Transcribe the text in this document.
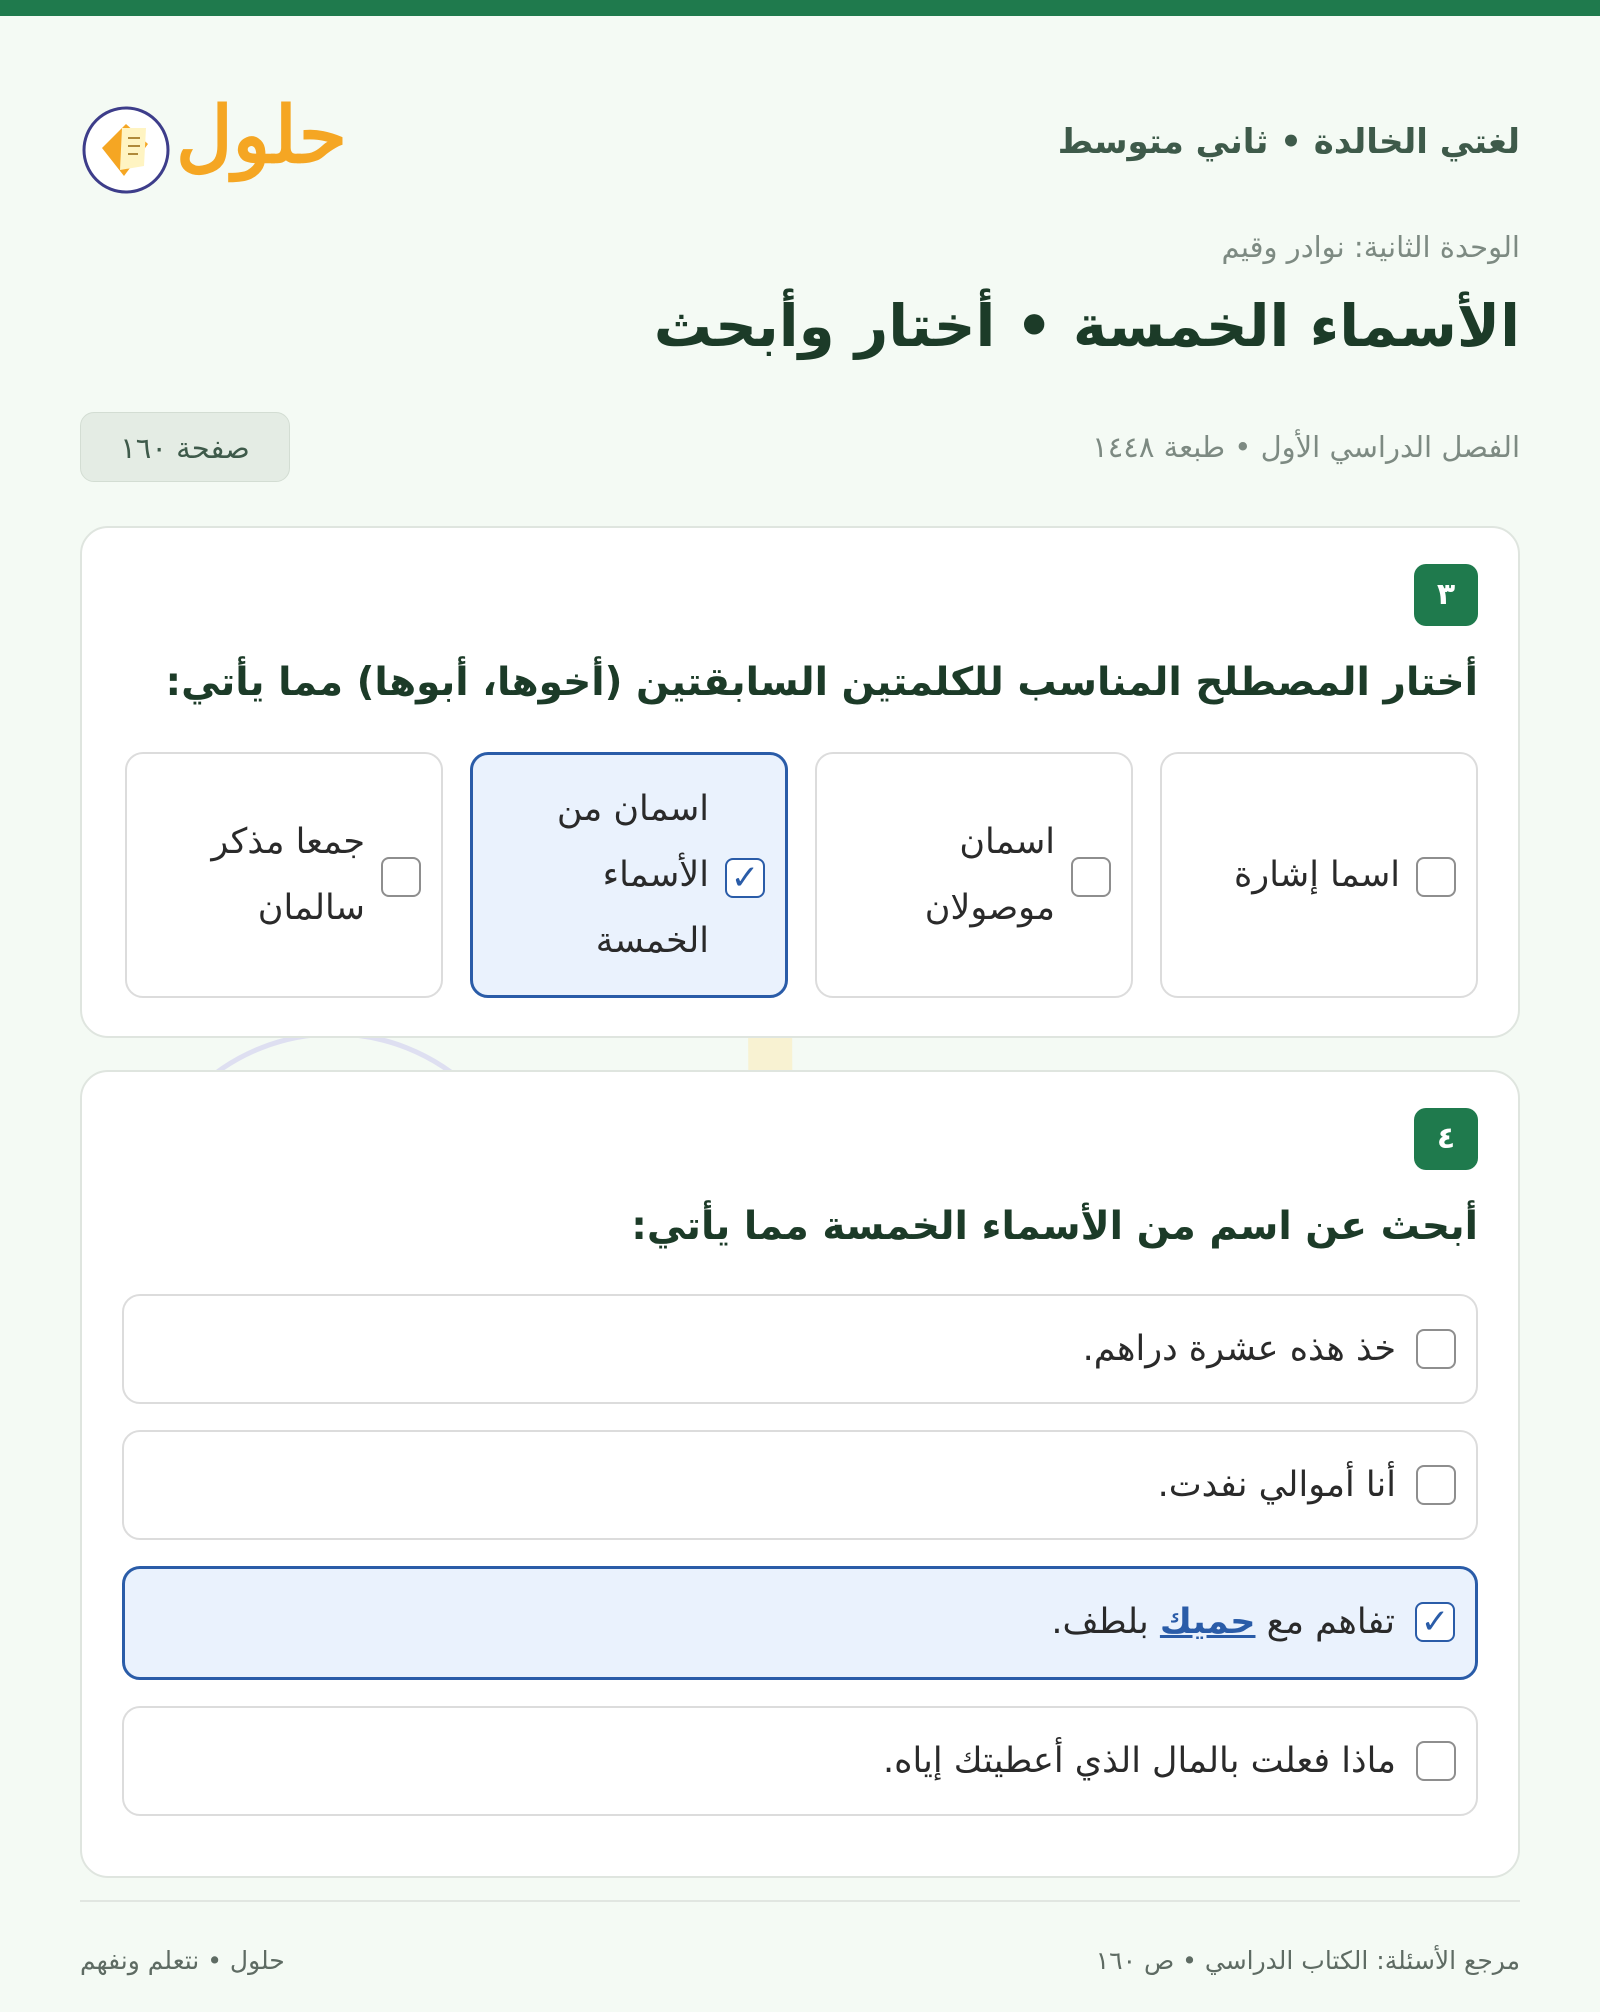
لغتي الخالدة • ثاني متوسط
حلول
الوحدة الثانية: نوادر وقيم
الأسماء الخمسة • أختار وأبحث
الفصل الدراسي الأول • طبعة ١٤٤٨
صفحة ١٦٠
٣
أختار المصطلح المناسب للكلمتين السابقتين (أخوها، أبوها) مما يأتي:
اسما إشارة
اسمان موصولان
✓
اسمان من الأسماء الخمسة
جمعا مذكر سالمان
٤
أبحث عن اسم من الأسماء الخمسة مما يأتي:
خذ هذه عشرة دراهم.
أنا أموالي نفدت.
✓
تفاهم مع حميك بلطف.
ماذا فعلت بالمال الذي أعطيتك إياه.
مرجع الأسئلة: الكتاب الدراسي • ص ١٦٠
حلول • نتعلم ونفهم
